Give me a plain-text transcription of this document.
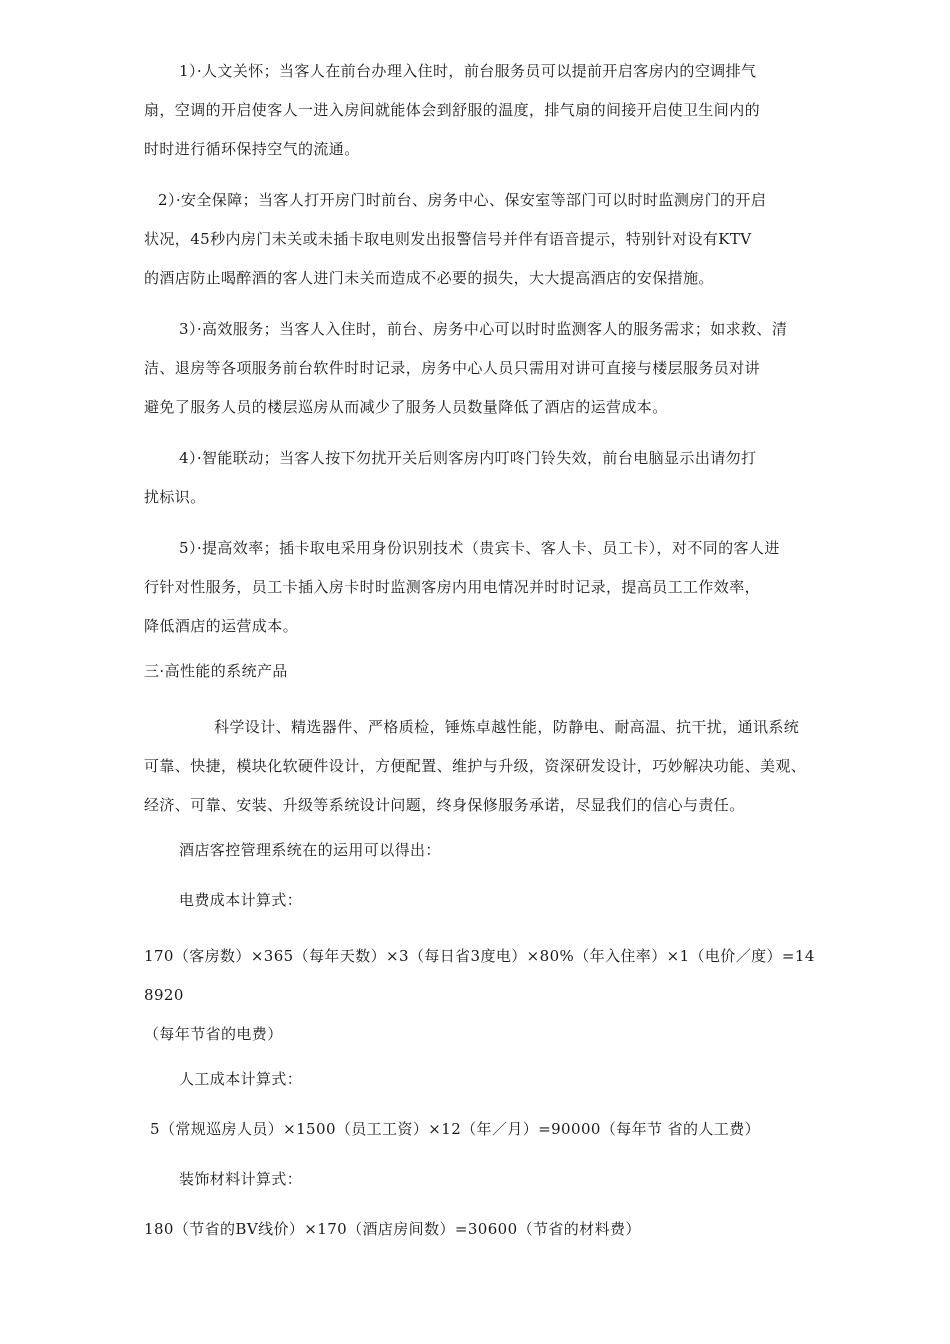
1）·人文关怀；当客人在前台办理入住时，前台服务员可以提前开启客房内的空调排气
扇，空调的开启使客人一进入房间就能体会到舒服的温度，排气扇的间接开启使卫生间内的
时时进行循环保持空气的流通。

2）·安全保障；当客人打开房门时前台、房务中心、保安室等部门可以时时监测房门的开启
状况，45秒内房门未关或未插卡取电则发出报警信号并伴有语音提示，特别针对设有KTV
的酒店防止喝醉酒的客人进门未关而造成不必要的损失，大大提高酒店的安保措施。

3）·高效服务；当客人入住时，前台、房务中心可以时时监测客人的服务需求；如求救、清
洁、退房等各项服务前台软件时时记录，房务中心人员只需用对讲可直接与楼层服务员对讲
避免了服务人员的楼层巡房从而减少了服务人员数量降低了酒店的运营成本。

4）·智能联动；当客人按下勿扰开关后则客房内叮咚门铃失效，前台电脑显示出请勿打
扰标识。

5）·提高效率；插卡取电采用身份识别技术（贵宾卡、客人卡、员工卡），对不同的客人进
行针对性服务，员工卡插入房卡时时监测客房内用电情况并时时记录，提高员工工作效率，
降低酒店的运营成本。

三·高性能的系统产品

科学设计、精选器件、严格质检，锤炼卓越性能，防静电、耐高温、抗干扰，通讯系统
可靠、快捷，模块化软硬件设计，方便配置、维护与升级，资深研发设计，巧妙解决功能、美观、
经济、可靠、安装、升级等系统设计问题，终身保修服务承诺，尽显我们的信心与责任。

酒店客控管理系统在的运用可以得出：

电费成本计算式：

170（客房数）×365（每年天数）×3（每日省3度电）×80%（年入住率）×1（电价／度）=148920
（每年节省的电费）

人工成本计算式：

5（常规巡房人员）×1500（员工工资）×12（年／月）=90000（每年节 省的人工费）

装饰材料计算式：

180（节省的BV线价）×170（酒店房间数）=30600（节省的材料费）
